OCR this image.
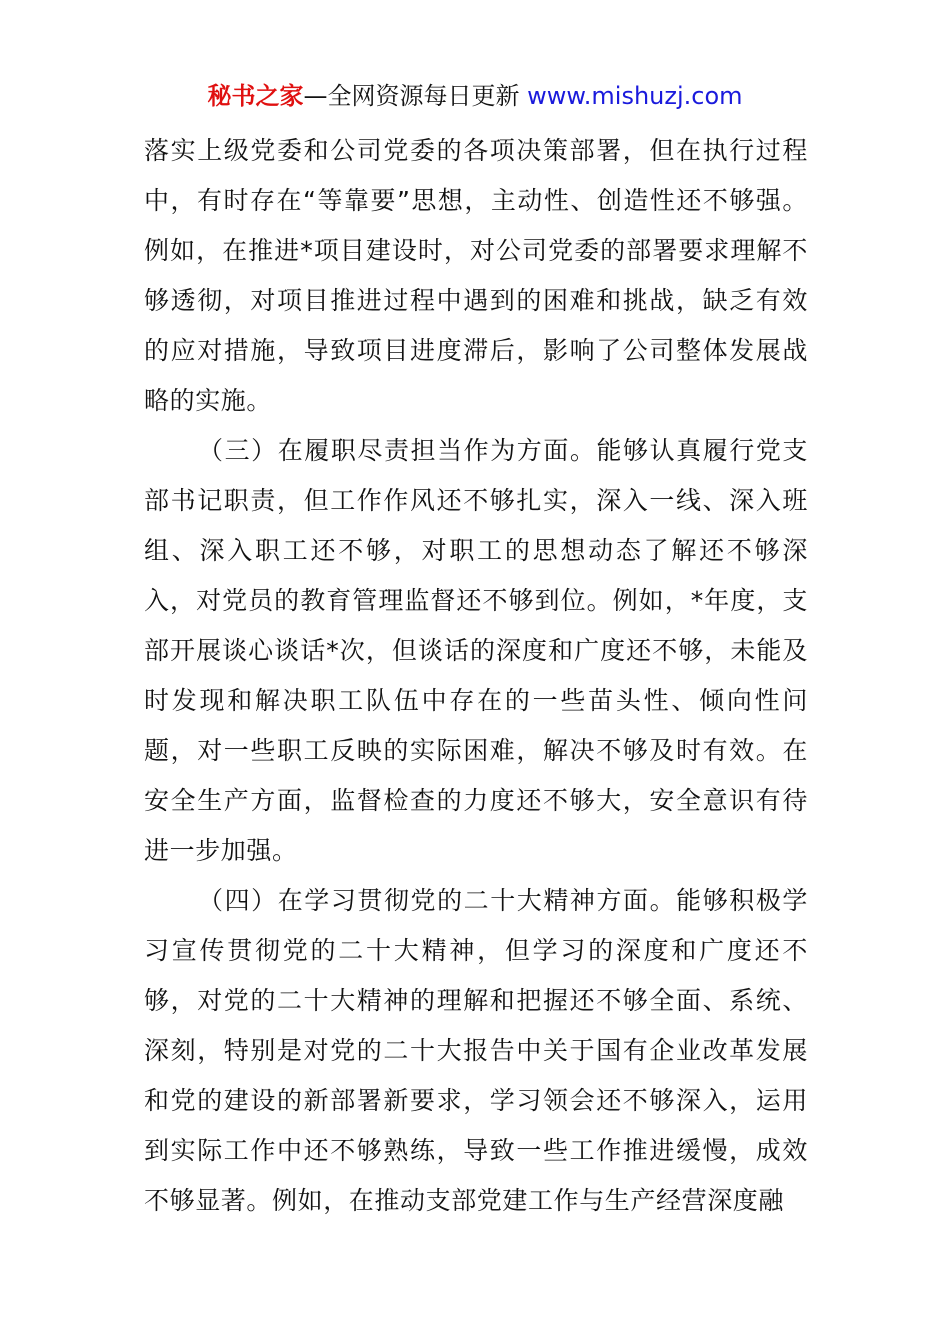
秘书之家—全网资源每日更新 www.mishuzj.com

落实上级党委和公司党委的各项决策部署，但在执行过程中，有时存在“等靠要”思想，主动性、创造性还不够强。例如，在推进*项目建设时，对公司党委的部署要求理解不够透彻，对项目推进过程中遇到的困难和挑战，缺乏有效的应对措施，导致项目进度滞后，影响了公司整体发展战略的实施。

（三）在履职尽责担当作为方面。能够认真履行党支部书记职责，但工作作风还不够扎实，深入一线、深入班组、深入职工还不够，对职工的思想动态了解还不够深入，对党员的教育管理监督还不够到位。例如，*年度，支部开展谈心谈话*次，但谈话的深度和广度还不够，未能及时发现和解决职工队伍中存在的一些苗头性、倾向性问题，对一些职工反映的实际困难，解决不够及时有效。在安全生产方面，监督检查的力度还不够大，安全意识有待进一步加强。

（四）在学习贯彻党的二十大精神方面。能够积极学习宣传贯彻党的二十大精神，但学习的深度和广度还不够，对党的二十大精神的理解和把握还不够全面、系统、深刻，特别是对党的二十大报告中关于国有企业改革发展和党的建设的新部署新要求，学习领会还不够深入，运用到实际工作中还不够熟练，导致一些工作推进缓慢，成效不够显著。例如，在推动支部党建工作与生产经营深度融
